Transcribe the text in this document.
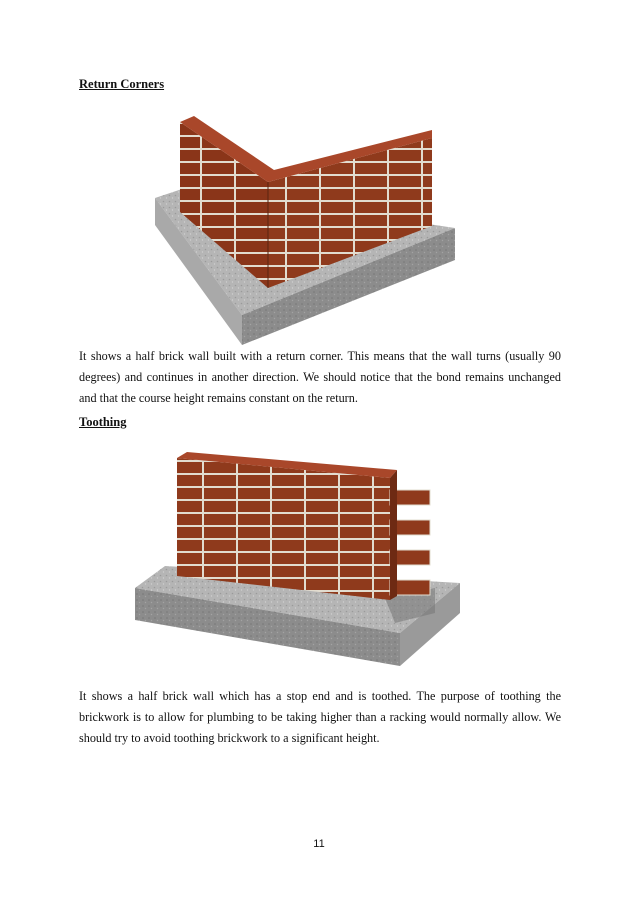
Return Corners

It shows a half brick wall built with a return corner. This means that the wall turns (usually 90 degrees) and continues in another direction. We should notice that the bond remains unchanged and that the course height remains constant on the return.

Toothing

It shows a half brick wall which has a stop end and is toothed. The purpose of toothing the brickwork is to allow for plumbing to be taking higher than a racking would normally allow. We should try to avoid toothing brickwork to a significant height.

11
